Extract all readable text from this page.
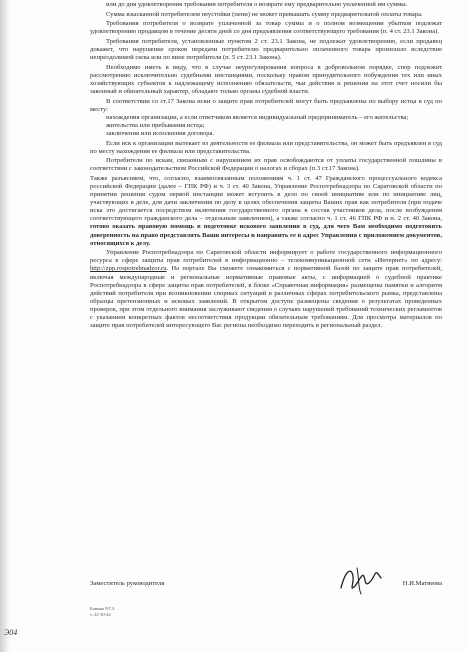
или до дня удовлетворения требования потребителя о возврате ему предварительно уплаченной им суммы.

Сумма взысканной потребителем неустойки (пени) не может превышать сумму предварительной оплаты товара.

Требования потребителя о возврате уплаченной за товар суммы и о полном возмещении убытков подлежат удовлетворению продавцом в течение десяти дней со дня предъявления соответствующего требования (п. 4 ст. 23.1 Закона).

Требования потребителя, установленные пунктом 2 ст. 23.1 Закона, не подлежат удовлетворению, если продавец докажет, что нарушение сроков передачи потребителю предварительно оплаченного товара произошло вследствие непреодолимой силы или по вине потребителя (п. 5 ст. 23.1 Закона).

Необходимо иметь в виду, что в случае неурегулирования вопроса в добровольном порядке, спор подлежит рассмотрению исключительно судебными инстанциями, поскольку правом принудительного побуждения тех или иных хозяйствующих субъектов к надлежащему исполнению обязательств, чьи действия и решения на этот счет носили бы законный и обязательный характер, обладают только органы судебной власти.

В соответствии со ст.17 Закона иски о защите прав потребителей могут быть предъявлены по выбору истца в суд по месту:

нахождения организации, а если ответчиком является индивидуальный предприниматель – его жительства;

жительства или пребывания истца;

заключения или исполнения договора.

Если иск к организации вытекает из деятельности ее филиала или представительства, он может быть предъявлен в суд по месту нахождения ее филиала или представительства.

Потребители по искам, связанным с нарушением их прав освобождаются от уплаты государственной пошлины в соответствии с законодательством Российской Федерации о налогах и сборах (п.3 ст.17 Закона).

Также разъясняем, что, согласно, взаимосвязанным положениям ч. 1 ст. 47 Гражданского процессуального кодекса российской Федерации (далее – ГПК РФ) и ч. 3 ст. 40 Закона, Управление Роспотребнадзора по Саратовской области по принятии решения судом первой инстанции может вступить в дело по своей инициативе или по инициативе лиц, участвующих в деле, для дачи заключения по делу в целях обеспечения защиты Ваших прав как потребителя (при подаче иска это достигается посредством включения государственного органа в состав участников дела, после возбуждения соответствующего гражданского дела – отдельным заявлением), а также согласно ч. 1 ст. 46 ГПК РФ и п. 2 ст. 40 Закона, готово оказать правовую помощь в подготовке искового заявления в суд, для чего Вам необходимо подготовить доверенность на право представлять Ваши интересы и направить ее в адрес Управления с приложением документов, относящихся к делу.

Управление Роспотребнадзора по Саратовской области информирует о работе государственного информационного ресурса в сфере защиты прав потребителей в информационно – телекоммуникационной сети «Интернет» по адресу: http://zpp.rospotrebnadzor.ru. На портале Вы сможете ознакомиться с нормативной базой по защите прав потребителей, включая международные и региональные нормативные правовые акты, с информацией о судебной практике Роспотребнадзора в сфере защиты прав потребителей, в блоке «Справочная информация» размещены памятки и алгоритм действий потребителя при возникновении спорных ситуаций в различных сферах потребительского рынка, представлены образцы претензионных и исковых заявлений. В открытом доступе размещены сведения о результатах проведенных проверок, при этом отдельного внимания заслуживают сведения о случаях нарушений требований технических регламентов с указанием конкретных фактов несоответствия продукции обязательным требованиям. Для просмотра материалов по защите прав потребителей интересующего Вас региона необходимо переходить в региональный раздел.

Заместитель руководителя	Н.И.Матвеева
Бовина Р.Г.З.
т. 22-30-42
Э04
